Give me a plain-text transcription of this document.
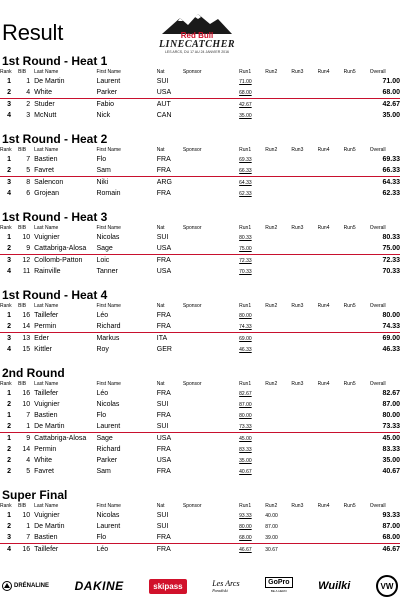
Result	Red Bull
LINECATCHER
LES ARCS, DU 17 AU 24 JANVIER 2016
1st Round - Heat 1
Rank	BIB	Last Name	First Name	Nat	Sponsor	Run1	Run2	Run3	Run4	Run5	Overall
1	1	De Martin	Laurent	SUI		71.00					71.00
2	4	White	Parker	USA		68.00					68.00
3	2	Studer	Fabio	AUT		42.67					42.67
4	3	McNutt	Nick	CAN		35.00					35.00
1st Round - Heat 2
Rank	BIB	Last Name	First Name	Nat	Sponsor	Run1	Run2	Run3	Run4	Run5	Overall
1	7	Bastien	Flo	FRA		69.33					69.33
2	5	Favret	Sam	FRA		66.33					66.33
3	8	Salencon	Niki	ARG		64.33					64.33
4	6	Grojean	Romain	FRA		62.33					62.33
1st Round - Heat 3
Rank	BIB	Last Name	First Name	Nat	Sponsor	Run1	Run2	Run3	Run4	Run5	Overall
1	10	Vuignier	Nicolas	SUI		80.33					80.33
2	9	Cattabriga-Alosa	Sage	USA		75.00					75.00
3	12	Collomb-Patton	Loic	FRA		72.33					72.33
4	11	Rainville	Tanner	USA		70.33					70.33
1st Round - Heat 4
Rank	BIB	Last Name	First Name	Nat	Sponsor	Run1	Run2	Run3	Run4	Run5	Overall
1	16	Taillefer	Léo	FRA		80.00					80.00
2	14	Permin	Richard	FRA		74.33					74.33
3	13	Eder	Markus	ITA		69.00					69.00
4	15	Kittler	Roy	GER		46.33					46.33
2nd Round
Rank	BIB	Last Name	First Name	Nat	Sponsor	Run1	Run2	Run3	Run4	Run5	Overall
1	16	Taillefer	Léo	FRA		82.67					82.67
2	10	Vuignier	Nicolas	SUI		87.00					87.00
1	7	Bastien	Flo	FRA		80.00					80.00
2	1	De Martin	Laurent	SUI		73.33					73.33
1	9	Cattabriga-Alosa	Sage	USA		45.00					45.00
2	14	Permin	Richard	FRA		83.33					83.33
2	4	White	Parker	USA		35.00					35.00
2	5	Favret	Sam	FRA		40.67					40.67
Super Final
Rank	BIB	Last Name	First Name	Nat	Sponsor	Run1	Run2	Run3	Run4	Run5	Overall
1	10	Vuignier	Nicolas	SUI		93.33	40.00				93.33
2	1	De Martin	Laurent	SUI		80.00	87.00				87.00
3	7	Bastien	Flo	FRA		68.00	39.00				68.00
4	16	Taillefer	Léo	FRA		46.67	30.67				46.67
DRÉNALINE DAKINE	skipass	Les Arcs
Paradiski
GoPro
BE A HERO	Wuilki	VW
